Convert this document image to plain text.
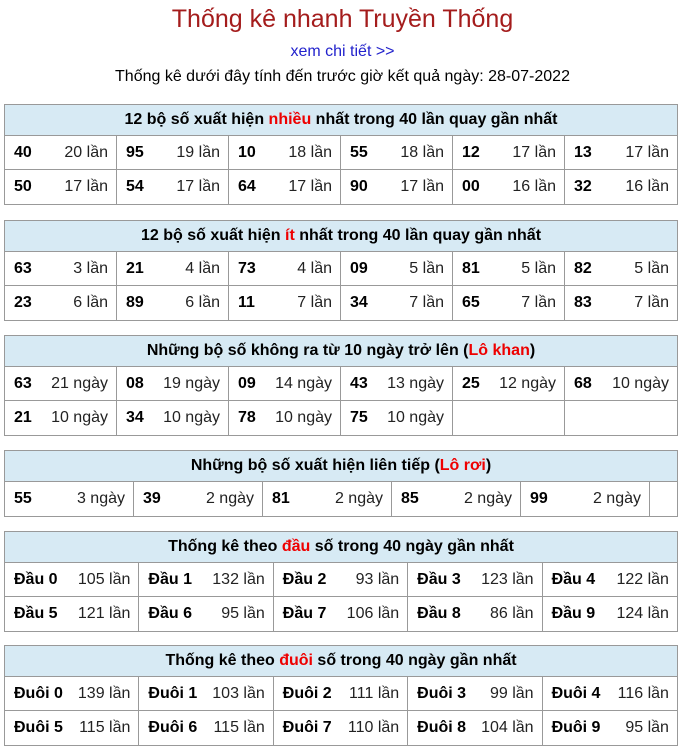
Thống kê nhanh Truyền Thống
xem chi tiết >>
Thống kê dưới đây tính đến trước giờ kết quả ngày: 28-07-2022
12 bộ số xuất hiện nhiều nhất trong 40 lần quay gần nhất
40 20 lần 95 19 lần 10 18 lần 55 18 lần 12 17 lần 13 17 lần
50 17 lần 54 17 lần 64 17 lần 90 17 lần 00 16 lần 32 16 lần
12 bộ số xuất hiện ít nhất trong 40 lần quay gần nhất
63	3 lần 21	4 lần 73	4 lần 09	5 lần 81	5 lần 82	5 lần
23	6 lần 89	6 lần 11	7 lần 34	7 lần 65	7 lần 83	7 lần
Những bộ số không ra từ 10 ngày trở lên (Lô khan)
63 21 ngày 08 19 ngày 09 14 ngày 43 13 ngày 25 12 ngày 68 10 ngày
21 10 ngày 34 10 ngày 78 10 ngày 75 10 ngày
Những bộ số xuất hiện liên tiếp (Lô rơi)
55	3 ngày 39	2 ngày 81	2 ngày 85	2 ngày 99	2 ngày
Thống kê theo đầu số trong 40 ngày gần nhất
Đầu 0 105 lần Đầu 1 132 lần Đầu 2 93 lần Đầu 3 123 lần Đầu 4 122 lần
Đầu 5 121 lần Đầu 6 95 lần Đầu 7 106 lần Đầu 8 86 lần Đầu 9 124 lần
Thống kê theo đuôi số trong 40 ngày gần nhất
Đuôi 0 139 lần Đuôi 1 103 lần Đuôi 2 111 lần Đuôi 3 99 lần Đuôi 4 116 lần
Đuôi 5 115 lần Đuôi 6 115 lần Đuôi 7 110 lần Đuôi 8 104 lần Đuôi 9 95 lần
